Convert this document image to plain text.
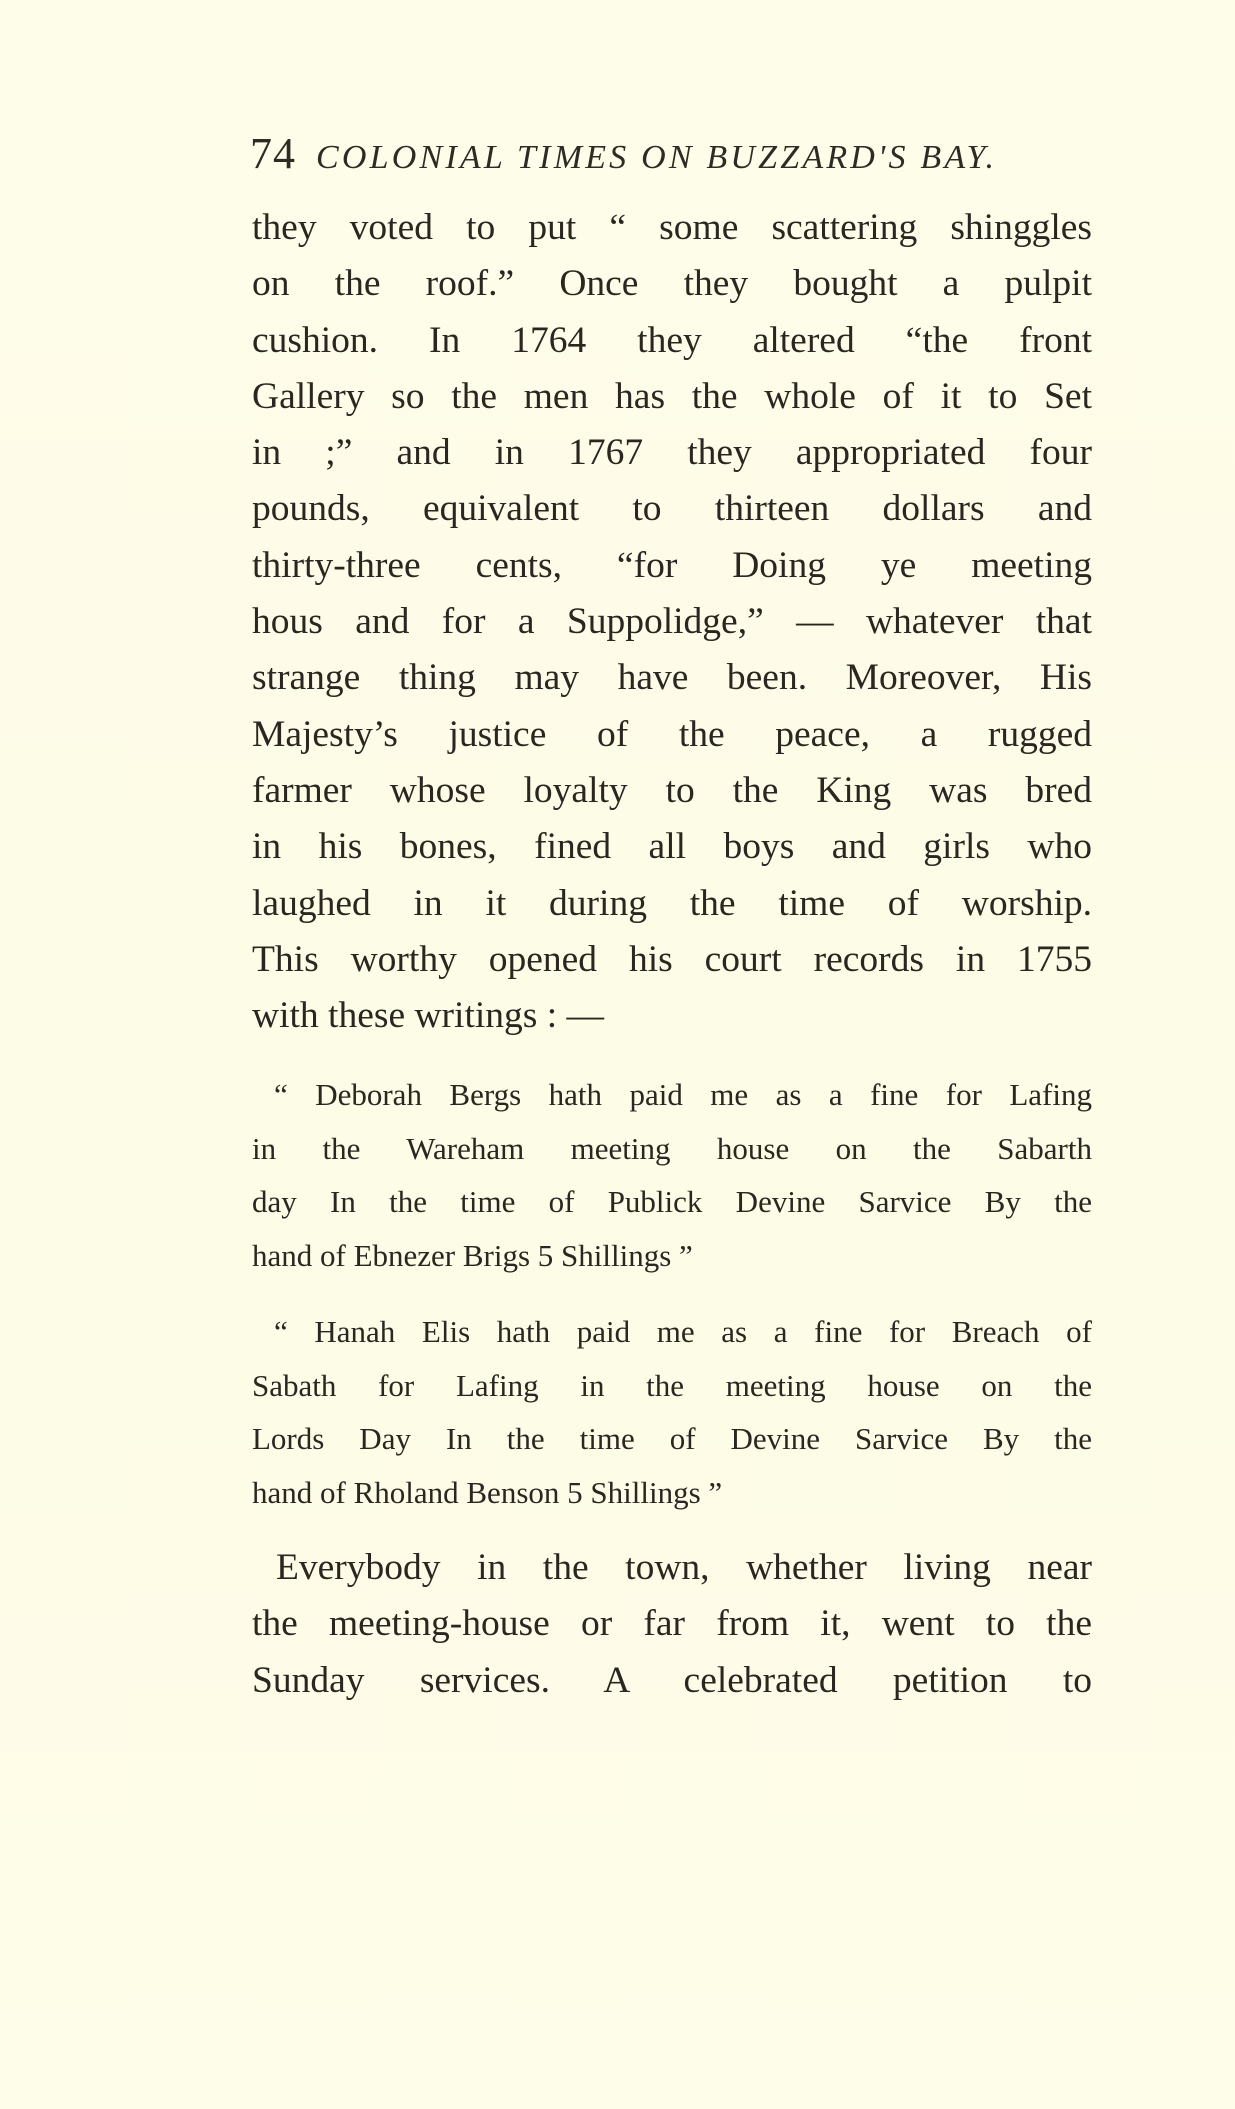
74 COLONIAL TIMES ON BUZZARD'S BAY.
they voted to put “ some scattering shingglеs
on the roof.” Once they bought a pulpit
cushion. In 1764 they altered “the front
Gallery so the men has the whole of it to Set
in ;” and in 1767 they appropriated four
pounds, equivalent to thirteen dollars and
thirty-three cents, “for Doing ye meeting
hous and for a Suppolidge,” — whatever that
strange thing may have been. Moreover, His
Majesty’s justice of the peace, a rugged
farmer whose loyalty to the King was bred
in his bones, fined all boys and girls who
laughed in it during the time of worship.
This worthy opened his court records in 1755
with these writings : —
“ Deborah Bergs hath paid me as a fine for Lafing
in the Wareham meeting house on the Sabarth
day In the time of Publick Devine Sarvice By the
hand of Ebnezer Brigs 5 Shillings ”
“ Hanah Elis hath paid me as a fine for Breach of
Sabath for Lafing in the meeting house on the
Lords Day In the time of Devine Sarvice By the
hand of Rholand Benson 5 Shillings ”
Everybody in the town, whether living near
the meeting-house or far from it, went to the
Sunday services. A celebrated petition to
